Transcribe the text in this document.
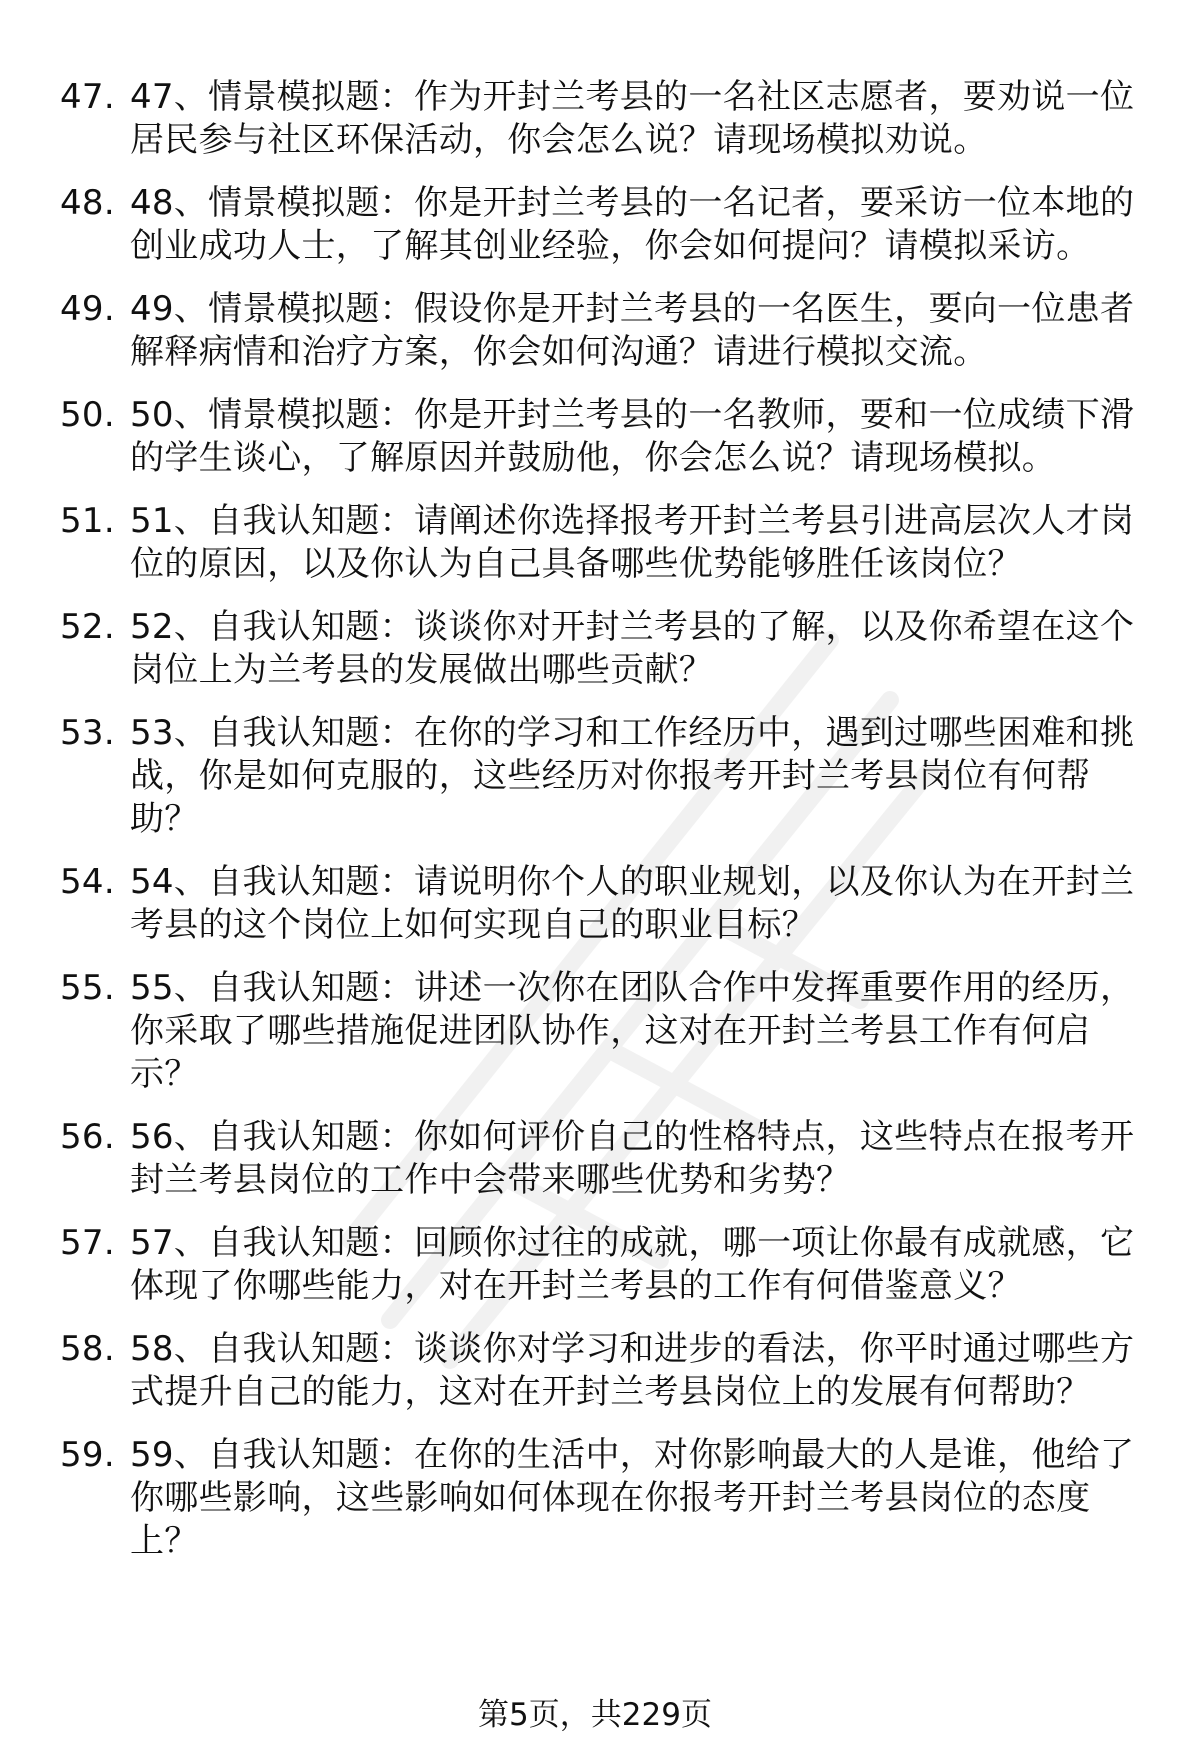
47. 47、情景模拟题：作为开封兰考县的一名社区志愿者，要劝说一位居民参与社区环保活动，你会怎么说？请现场模拟劝说。
48. 48、情景模拟题：你是开封兰考县的一名记者，要采访一位本地的创业成功人士，了解其创业经验，你会如何提问？请模拟采访。
49. 49、情景模拟题：假设你是开封兰考县的一名医生，要向一位患者解释病情和治疗方案，你会如何沟通？请进行模拟交流。
50. 50、情景模拟题：你是开封兰考县的一名教师，要和一位成绩下滑的学生谈心，了解原因并鼓励他，你会怎么说？请现场模拟。
51. 51、自我认知题：请阐述你选择报考开封兰考县引进高层次人才岗位的原因，以及你认为自己具备哪些优势能够胜任该岗位？
52. 52、自我认知题：谈谈你对开封兰考县的了解，以及你希望在这个岗位上为兰考县的发展做出哪些贡献？
53. 53、自我认知题：在你的学习和工作经历中，遇到过哪些困难和挑战，你是如何克服的，这些经历对你报考开封兰考县岗位有何帮助？
54. 54、自我认知题：请说明你个人的职业规划，以及你认为在开封兰考县的这个岗位上如何实现自己的职业目标？
55. 55、自我认知题：讲述一次你在团队合作中发挥重要作用的经历，你采取了哪些措施促进团队协作，这对在开封兰考县工作有何启示？
56. 56、自我认知题：你如何评价自己的性格特点，这些特点在报考开封兰考县岗位的工作中会带来哪些优势和劣势？
57. 57、自我认知题：回顾你过往的成就，哪一项让你最有成就感，它体现了你哪些能力，对在开封兰考县的工作有何借鉴意义？
58. 58、自我认知题：谈谈你对学习和进步的看法，你平时通过哪些方式提升自己的能力，这对在开封兰考县岗位上的发展有何帮助？
59. 59、自我认知题：在你的生活中，对你影响最大的人是谁，他给了你哪些影响，这些影响如何体现在你报考开封兰考县岗位的态度上？
第5页，共229页
